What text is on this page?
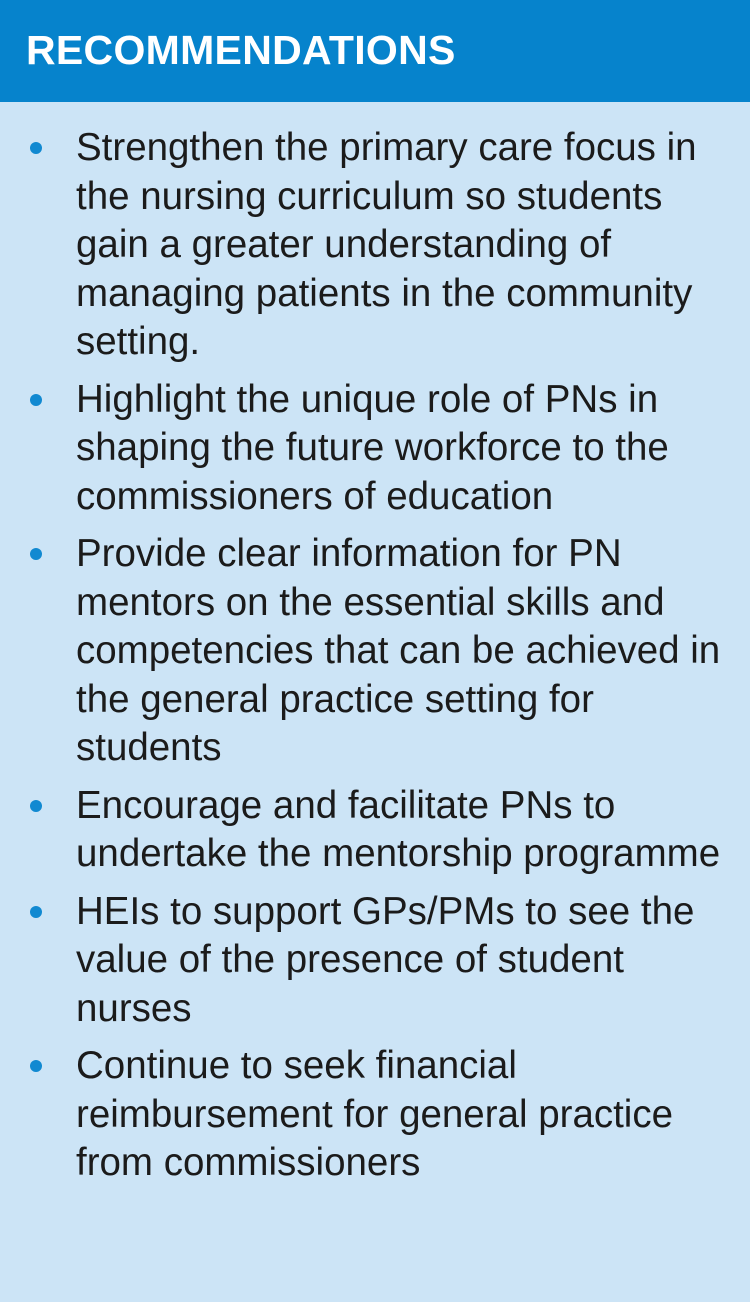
RECOMMENDATIONS
Strengthen the primary care focus in the nursing curriculum so students gain a greater understanding of managing patients in the community setting.
Highlight the unique role of PNs in shaping the future workforce to the commissioners of education
Provide clear information for PN mentors on the essential skills and competencies that can be achieved in the general practice setting for students
Encourage and facilitate PNs to undertake the mentorship programme
HEIs to support GPs/PMs to see the value of the presence of student nurses
Continue to seek financial reimbursement for general practice from commissioners
